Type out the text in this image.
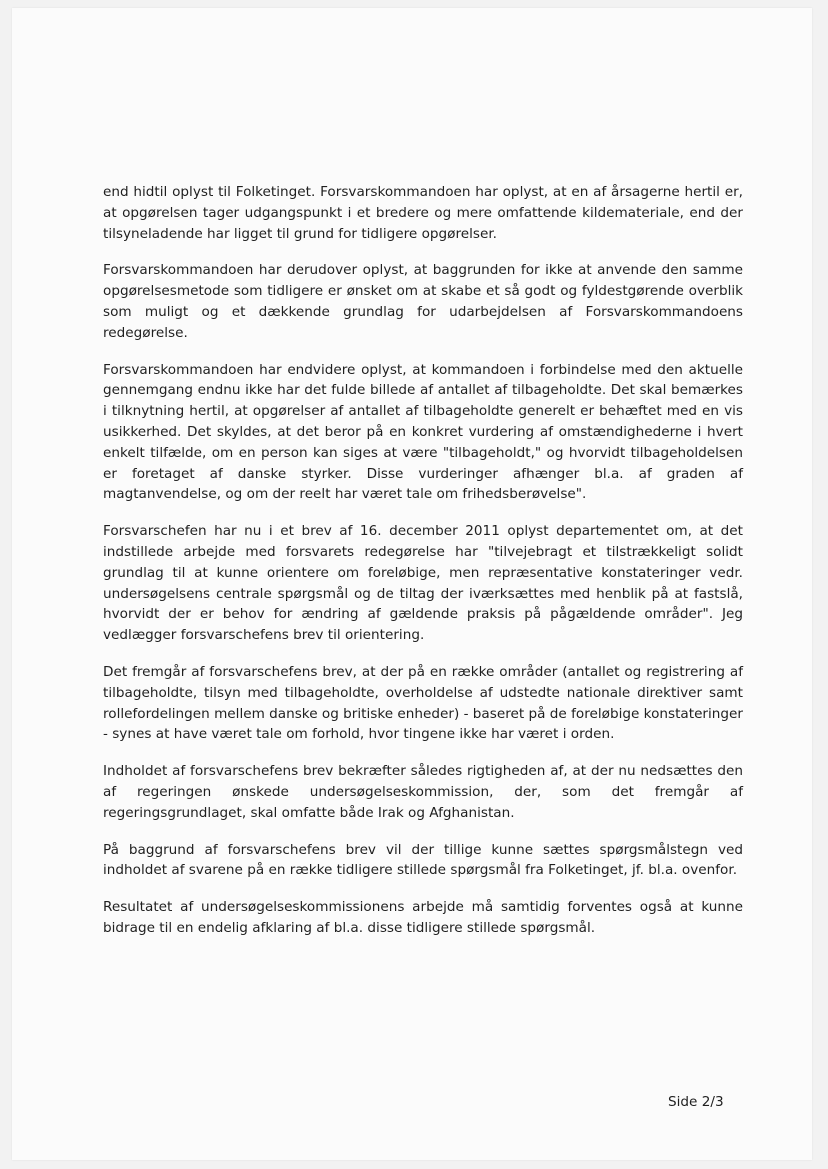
end hidtil oplyst til Folketinget. Forsvarskommandoen har oplyst, at en af årsagerne hertil er, at opgørelsen tager udgangspunkt i et bredere og mere omfattende kildemateriale, end der tilsyneladende har ligget til grund for tidligere opgørelser.

Forsvarskommandoen har derudover oplyst, at baggrunden for ikke at anvende den samme opgørelsesmetode som tidligere er ønsket om at skabe et så godt og fyldestgørende overblik som muligt og et dækkende grundlag for udarbejdelsen af Forsvarskommandoens redegørelse.

Forsvarskommandoen har endvidere oplyst, at kommandoen i forbindelse med den aktuelle gennemgang endnu ikke har det fulde billede af antallet af tilbageholdte. Det skal bemærkes i tilknytning hertil, at opgørelser af antallet af tilbageholdte generelt er behæftet med en vis usikkerhed. Det skyldes, at det beror på en konkret vurdering af omstændighederne i hvert enkelt tilfælde, om en person kan siges at være "tilbageholdt," og hvorvidt tilbageholdelsen er foretaget af danske styrker. Disse vurderinger afhænger bl.a. af graden af magtanvendelse, og om der reelt har været tale om frihedsberøvelse".

Forsvarschefen har nu i et brev af 16. december 2011 oplyst departementet om, at det indstillede arbejde med forsvarets redegørelse har "tilvejebragt et tilstrækkeligt solidt grundlag til at kunne orientere om foreløbige, men repræsentative konstateringer vedr. undersøgelsens centrale spørgsmål og de tiltag der iværksættes med henblik på at fastslå, hvorvidt der er behov for ændring af gældende praksis på pågældende områder". Jeg vedlægger forsvarschefens brev til orientering.

Det fremgår af forsvarschefens brev, at der på en række områder (antallet og registrering af tilbageholdte, tilsyn med tilbageholdte, overholdelse af udstedte nationale direktiver samt rollefordelingen mellem danske og britiske enheder) - baseret på de foreløbige konstateringer - synes at have været tale om forhold, hvor tingene ikke har været i orden.

Indholdet af forsvarschefens brev bekræfter således rigtigheden af, at der nu nedsættes den af regeringen ønskede undersøgelseskommission, der, som det fremgår af regeringsgrundlaget, skal omfatte både Irak og Afghanistan.

På baggrund af forsvarschefens brev vil der tillige kunne sættes spørgsmålstegn ved indholdet af svarene på en række tidligere stillede spørgsmål fra Folketinget, jf. bl.a. ovenfor.

Resultatet af undersøgelseskommissionens arbejde må samtidig forventes også at kunne bidrage til en endelig afklaring af bl.a. disse tidligere stillede spørgsmål.

Side 2/3
